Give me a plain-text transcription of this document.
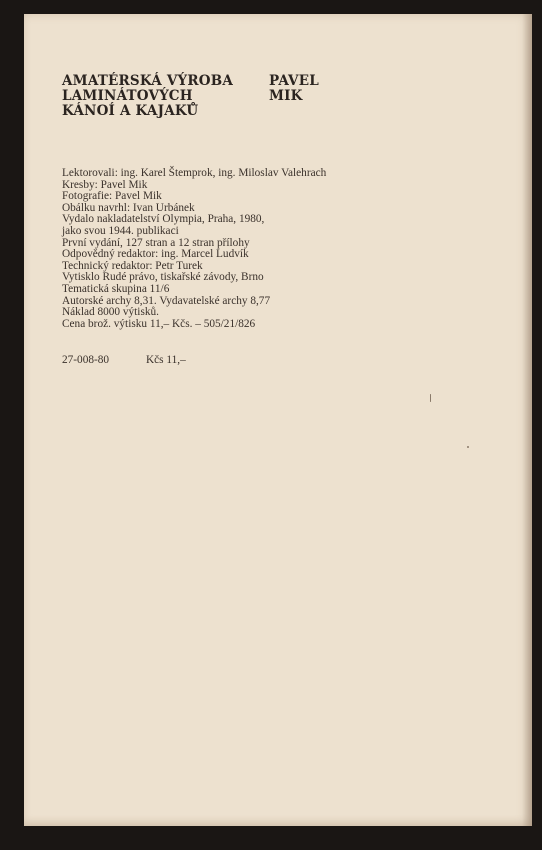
AMATÉRSKÁ VÝROBA
LAMINÁTOVÝCH
KÁNOÍ A KAJAKŮ
PAVEL
MIK
Lektorovali: ing. Karel Štemprok, ing. Miloslav Valehrach
Kresby: Pavel Mik
Fotografie: Pavel Mik
Obálku navrhl: Ivan Urbánek
Vydalo nakladatelství Olympia, Praha, 1980,
jako svou 1944. publikaci
První vydání, 127 stran a 12 stran přílohy
Odpovědný redaktor: ing. Marcel Ludvík
Technický redaktor: Petr Turek
Vytisklo Rudé právo, tiskařské závody, Brno
Tematická skupina 11/6
Autorské archy 8,31. Vydavatelské archy 8,77
Náklad 8000 výtisků.
Cena brož. výtisku 11,– Kčs. – 505/21/826
27-008-80	Kčs 11,–
